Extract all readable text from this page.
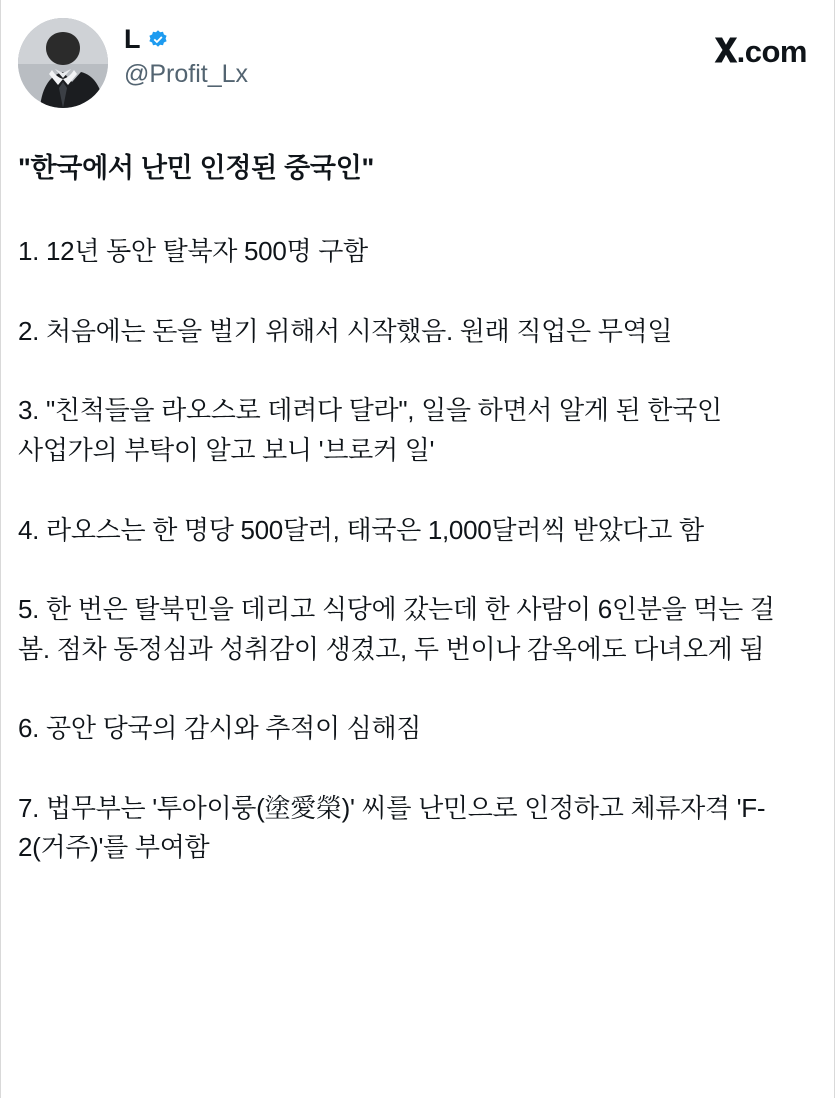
L
@Profit_Lx
𝐗.com
"한국에서 난민 인정된 중국인"

1. 12년 동안 탈북자 500명 구함

2. 처음에는 돈을 벌기 위해서 시작했음. 원래 직업은 무역일

3. "친척들을 라오스로 데려다 달라", 일을 하면서 알게 된 한국인 사업가의 부탁이 알고 보니 '브로커 일'

4. 라오스는 한 명당 500달러, 태국은 1,000달러씩 받았다고 함

5. 한 번은 탈북민을 데리고 식당에 갔는데 한 사람이 6인분을 먹는 걸 봄. 점차 동정심과 성취감이 생겼고, 두 번이나 감옥에도 다녀오게 됨

6. 공안 당국의 감시와 추적이 심해짐

7. 법무부는 '투아이룽(塗愛榮)' 씨를 난민으로 인정하고 체류자격 'F-2(거주)'를 부여함
